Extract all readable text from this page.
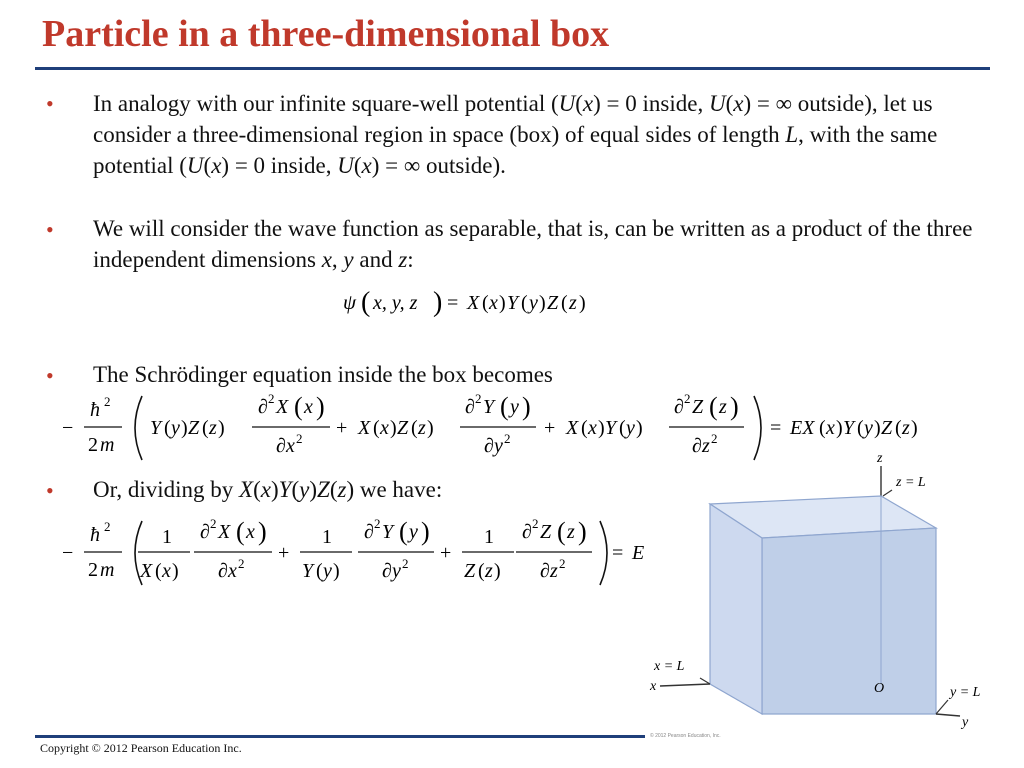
Particle in a three-dimensional box
• In analogy with our infinite square-well potential (U(x) = 0 inside, U(x) = ∞ outside), let us consider a three-dimensional region in space (box) of equal sides of length L, with the same potential (U(x) = 0 inside, U(x) = ∞ outside).

• We will consider the wave function as separable, that is, can be written as a product of the three independent dimensions x, y and z:

ψ ( x, y, z ) = X ( x ) Y ( y ) Z ( z )
• The Schrödinger equation inside the box becomes

−
ħ 2
2 m
Y ( y ) Z ( z )
∂ 2 X ( x )
∂ x 2 + X ( x ) Z ( z )
∂ 2 Y ( y )
∂ y 2 + X ( x ) Y ( y )
∂ 2 Z ( z )
∂ z 2	= EX ( x ) Y ( y ) Z ( z )
• Or, dividing by X(x)Y(y)Z(z) we have:

−
ħ 2
2 m
1
X ( x )
∂ 2 X ( x )
∂ x 2 +
1
Y ( y )
∂ 2 Y ( y )
∂ y 2 +
1
Z ( z )
∂ 2 Z ( z )
∂ z 2 = E
z
z = L
x = L
x	O	y = L
y
© 2012 Pearson Education, Inc.
Copyright © 2012 Pearson Education Inc.
